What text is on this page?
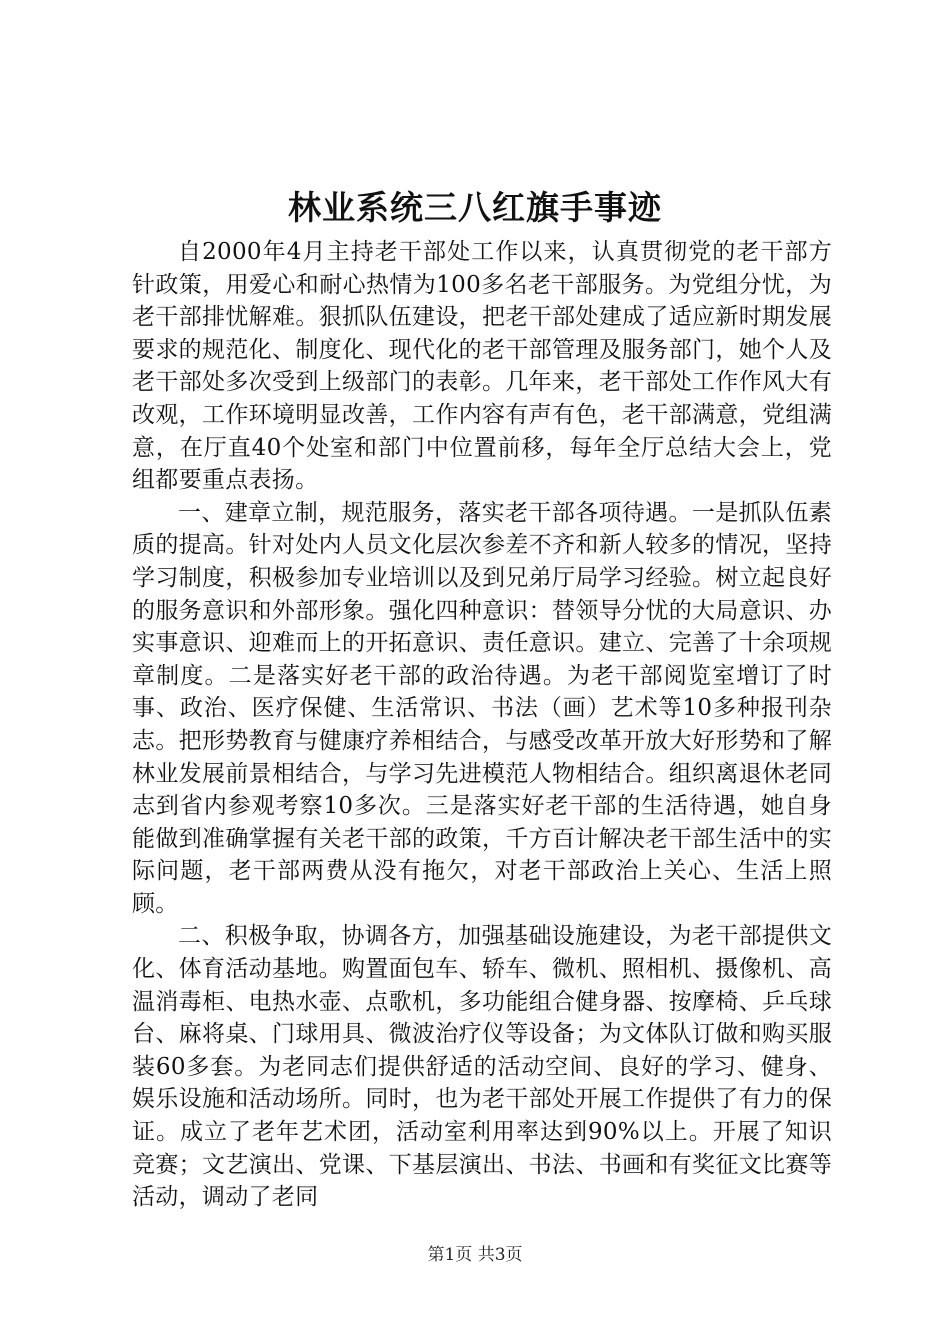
林业系统三八红旗手事迹

自2000年4月主持老干部处工作以来，认真贯彻党的老干部方针政策，用爱心和耐心热情为100多名老干部服务。为党组分忧，为老干部排忧解难。狠抓队伍建设，把老干部处建成了适应新时期发展要求的规范化、制度化、现代化的老干部管理及服务部门，她个人及老干部处多次受到上级部门的表彰。几年来，老干部处工作作风大有改观，工作环境明显改善，工作内容有声有色，老干部满意，党组满意，在厅直40个处室和部门中位置前移，每年全厅总结大会上，党组都要重点表扬。

一、建章立制，规范服务，落实老干部各项待遇。一是抓队伍素质的提高。针对处内人员文化层次参差不齐和新人较多的情况，坚持学习制度，积极参加专业培训以及到兄弟厅局学习经验。树立起良好的服务意识和外部形象。强化四种意识：替领导分忧的大局意识、办实事意识、迎难而上的开拓意识、责任意识。建立、完善了十余项规章制度。二是落实好老干部的政治待遇。为老干部阅览室增订了时事、政治、医疗保健、生活常识、书法（画）艺术等10多种报刊杂志。把形势教育与健康疗养相结合，与感受改革开放大好形势和了解林业发展前景相结合，与学习先进模范人物相结合。组织离退休老同志到省内参观考察10多次。三是落实好老干部的生活待遇，她自身能做到准确掌握有关老干部的政策，千方百计解决老干部生活中的实际问题，老干部两费从没有拖欠，对老干部政治上关心、生活上照顾。

二、积极争取，协调各方，加强基础设施建设，为老干部提供文化、体育活动基地。购置面包车、轿车、微机、照相机、摄像机、高温消毒柜、电热水壶、点歌机，多功能组合健身器、按摩椅、乒乓球台、麻将桌、门球用具、微波治疗仪等设备；为文体队订做和购买服装60多套。为老同志们提供舒适的活动空间、良好的学习、健身、娱乐设施和活动场所。同时，也为老干部处开展工作提供了有力的保证。成立了老年艺术团，活动室利用率达到90%以上。开展了知识竞赛；文艺演出、党课、下基层演出、书法、书画和有奖征文比赛等活动，调动了老同

第1页 共3页
